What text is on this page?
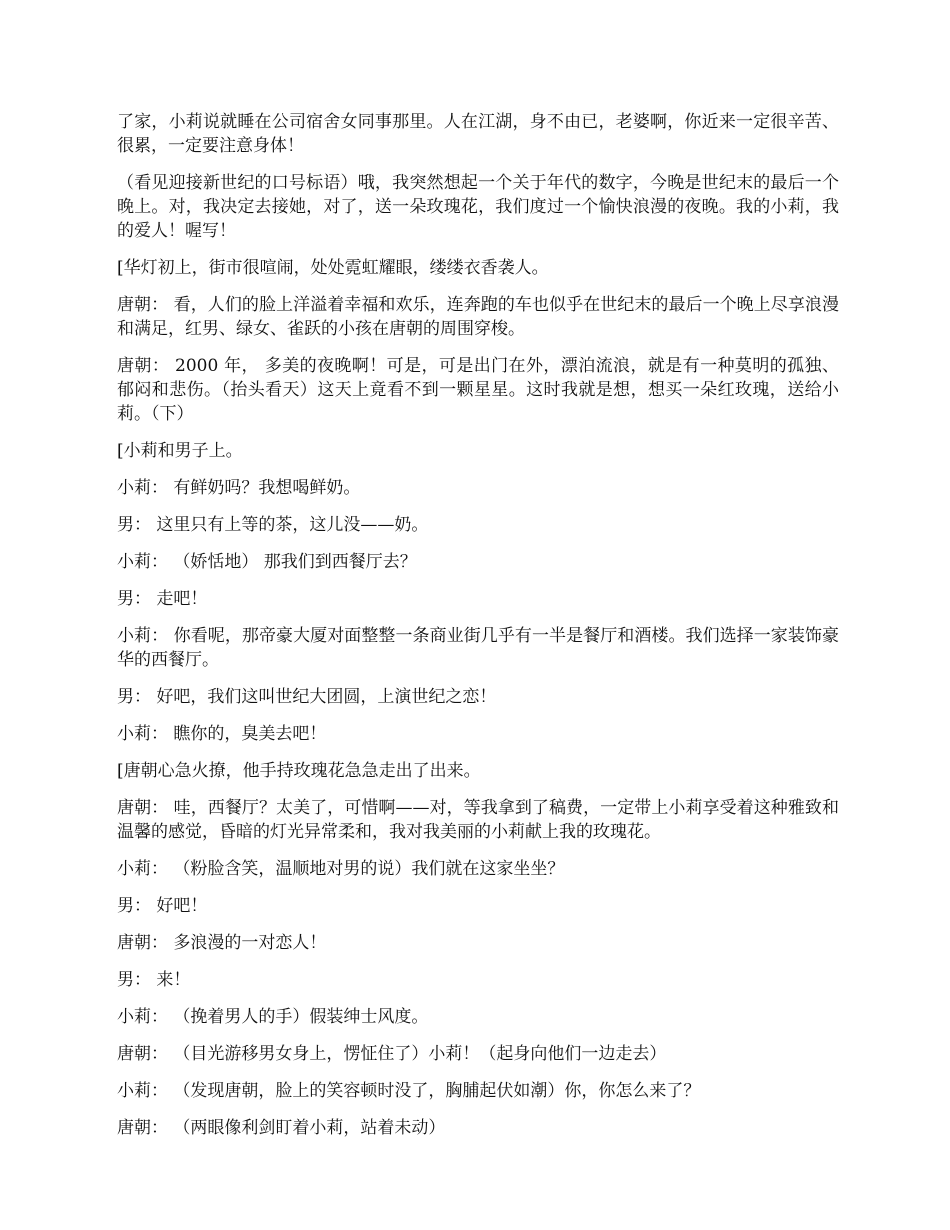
了家，小莉说就睡在公司宿舍女同事那里。人在江湖，身不由已，老婆啊，你近来一定很辛苦、很累，一定要注意身体！

（看见迎接新世纪的口号标语）哦，我突然想起一个关于年代的数字，今晚是世纪末的最后一个晚上。对，我决定去接她，对了，送一朵玫瑰花，我们度过一个愉快浪漫的夜晚。我的小莉，我的爱人！喔写！

[华灯初上，街市很喧闹，处处霓虹耀眼，缕缕衣香袭人。

唐朝： 看，人们的脸上洋溢着幸福和欢乐，连奔跑的车也似乎在世纪末的最后一个晚上尽享浪漫和满足，红男、绿女、雀跃的小孩在唐朝的周围穿梭。

唐朝： 2000 年， 多美的夜晚啊！可是，可是出门在外，漂泊流浪，就是有一种莫明的孤独、郁闷和悲伤。（抬头看天）这天上竟看不到一颗星星。这时我就是想，想买一朵红玫瑰，送给小莉。（下）

[小莉和男子上。

小莉： 有鲜奶吗？我想喝鲜奶。

男： 这里只有上等的茶，这儿没——奶。

小莉： （娇恬地） 那我们到西餐厅去？

男： 走吧！

小莉： 你看呢，那帝豪大厦对面整整一条商业街几乎有一半是餐厅和酒楼。我们选择一家装饰豪华的西餐厅。

男： 好吧，我们这叫世纪大团圆，上演世纪之恋！

小莉： 瞧你的，臭美去吧！

[唐朝心急火撩，他手持玫瑰花急急走出了出来。

唐朝： 哇，西餐厅？太美了，可惜啊——对，等我拿到了稿费，一定带上小莉享受着这种雅致和温馨的感觉，昏暗的灯光异常柔和，我对我美丽的小莉献上我的玫瑰花。

小莉： （粉脸含笑，温顺地对男的说）我们就在这家坐坐？

男： 好吧！

唐朝： 多浪漫的一对恋人！

男： 来！

小莉： （挽着男人的手）假装绅士风度。

唐朝： （目光游移男女身上，愣怔住了）小莉！（起身向他们一边走去）

小莉： （发现唐朝，脸上的笑容顿时没了，胸脯起伏如潮）你，你怎么来了？

唐朝： （两眼像利剑盯着小莉，站着未动）
